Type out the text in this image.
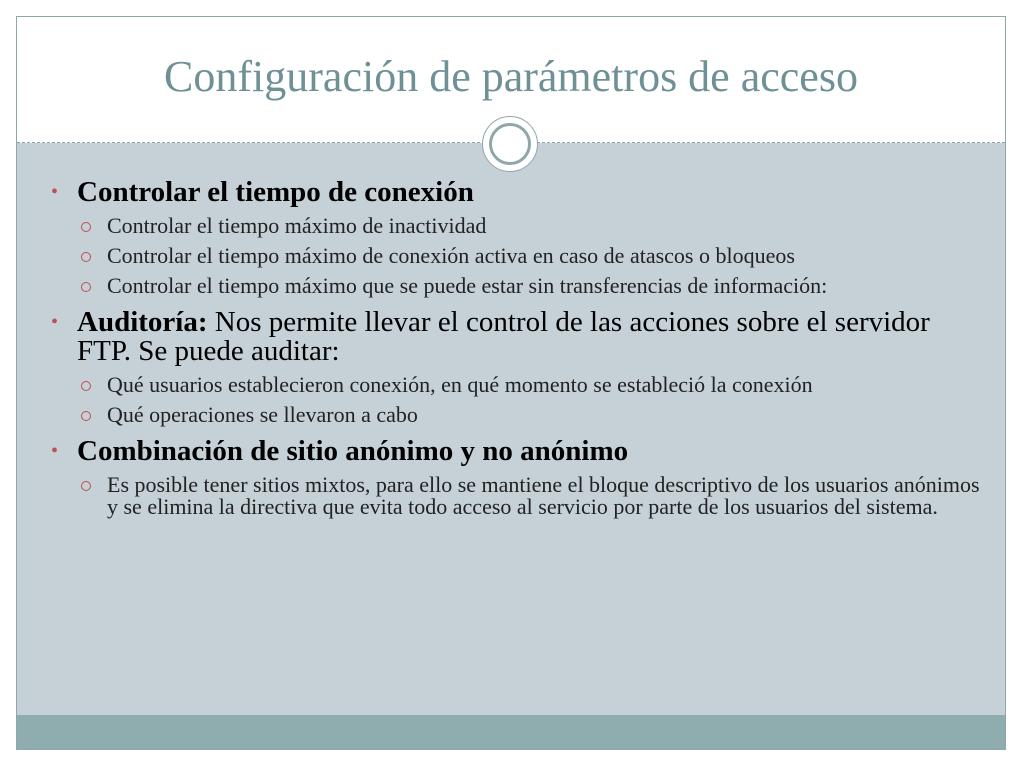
Configuración de parámetros de acceso
• Controlar el tiempo de conexión
Controlar el tiempo máximo de inactividad
Controlar el tiempo máximo de conexión activa en caso de atascos o bloqueos
Controlar el tiempo máximo que se puede estar sin transferencias de información:
• Auditoría: Nos permite llevar el control de las acciones sobre el servidor FTP. Se puede auditar:
Qué usuarios establecieron conexión, en qué momento se estableció la conexión
Qué operaciones se llevaron a cabo
• Combinación de sitio anónimo y no anónimo
Es posible tener sitios mixtos, para ello se mantiene el bloque descriptivo de los usuarios anónimos y se elimina la directiva que evita todo acceso al servicio por parte de los usuarios del sistema.
